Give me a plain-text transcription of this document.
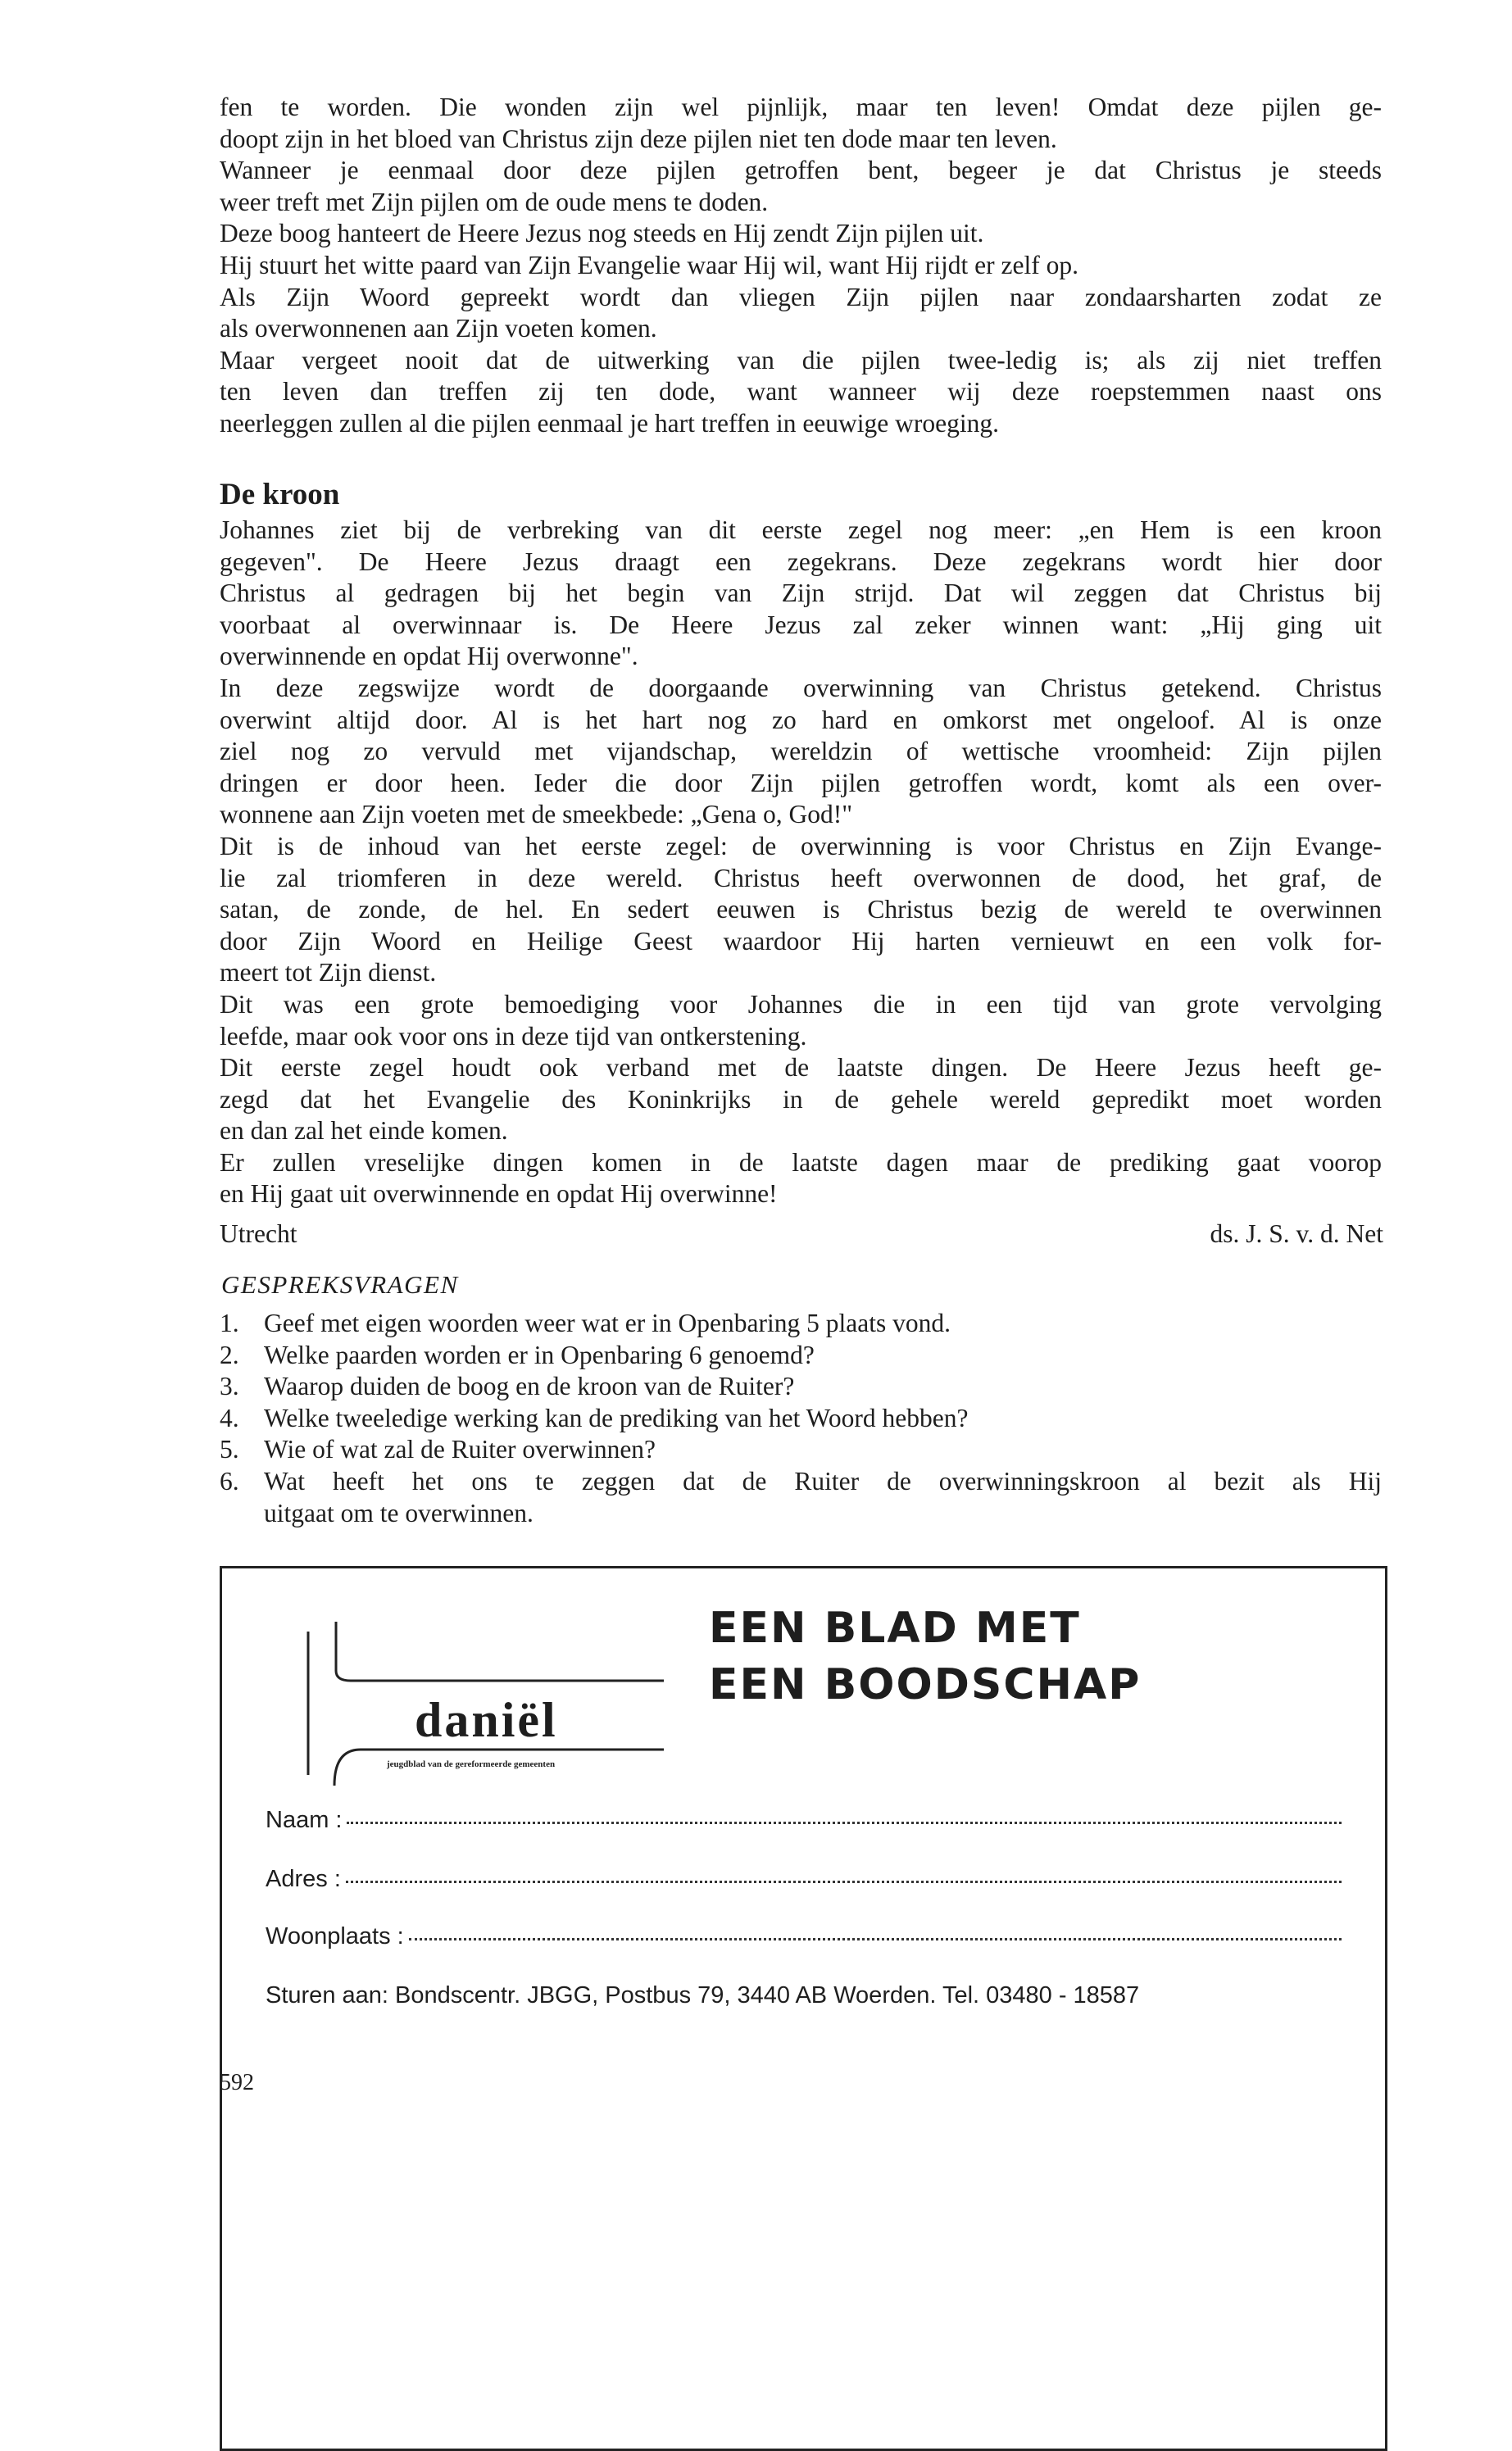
fen te worden. Die wonden zijn wel pijnlijk, maar ten leven! Omdat deze pijlen ge-
doopt zijn in het bloed van Christus zijn deze pijlen niet ten dode maar ten leven.
Wanneer je eenmaal door deze pijlen getroffen bent, begeer je dat Christus je steeds
weer treft met Zijn pijlen om de oude mens te doden.
Deze boog hanteert de Heere Jezus nog steeds en Hij zendt Zijn pijlen uit.
Hij stuurt het witte paard van Zijn Evangelie waar Hij wil, want Hij rijdt er zelf op.
Als Zijn Woord gepreekt wordt dan vliegen Zijn pijlen naar zondaarsharten zodat ze
als overwonnenen aan Zijn voeten komen.
Maar vergeet nooit dat de uitwerking van die pijlen twee-ledig is; als zij niet treffen
ten leven dan treffen zij ten dode, want wanneer wij deze roepstemmen naast ons
neerleggen zullen al die pijlen eenmaal je hart treffen in eeuwige wroeging.
De kroon
Johannes ziet bij de verbreking van dit eerste zegel nog meer: „en Hem is een kroon
gegeven". De Heere Jezus draagt een zegekrans. Deze zegekrans wordt hier door
Christus al gedragen bij het begin van Zijn strijd. Dat wil zeggen dat Christus bij
voorbaat al overwinnaar is. De Heere Jezus zal zeker winnen want: „Hij ging uit
overwinnende en opdat Hij overwonne".
In deze zegswijze wordt de doorgaande overwinning van Christus getekend. Christus
overwint altijd door. Al is het hart nog zo hard en omkorst met ongeloof. Al is onze
ziel nog zo vervuld met vijandschap, wereldzin of wettische vroomheid: Zijn pijlen
dringen er door heen. Ieder die door Zijn pijlen getroffen wordt, komt als een over-
wonnene aan Zijn voeten met de smeekbede: „Gena o, God!"
Dit is de inhoud van het eerste zegel: de overwinning is voor Christus en Zijn Evange-
lie zal triomferen in deze wereld. Christus heeft overwonnen de dood, het graf, de
satan, de zonde, de hel. En sedert eeuwen is Christus bezig de wereld te overwinnen
door Zijn Woord en Heilige Geest waardoor Hij harten vernieuwt en een volk for-
meert tot Zijn dienst.
Dit was een grote bemoediging voor Johannes die in een tijd van grote vervolging
leefde, maar ook voor ons in deze tijd van ontkerstening.
Dit eerste zegel houdt ook verband met de laatste dingen. De Heere Jezus heeft ge-
zegd dat het Evangelie des Koninkrijks in de gehele wereld gepredikt moet worden
en dan zal het einde komen.
Er zullen vreselijke dingen komen in de laatste dagen maar de prediking gaat voorop
en Hij gaat uit overwinnende en opdat Hij overwinne!
Utrecht	ds. J. S. v. d. Net
GESPREKSVRAGEN
1. Geef met eigen woorden weer wat er in Openbaring 5 plaats vond.
2. Welke paarden worden er in Openbaring 6 genoemd?
3. Waarop duiden de boog en de kroon van de Ruiter?
4. Welke tweeledige werking kan de prediking van het Woord hebben?
5. Wie of wat zal de Ruiter overwinnen?
6. Wat heeft het ons te zeggen dat de Ruiter de overwinningskroon al bezit als Hij
uitgaat om te overwinnen.
daniël
jeugdblad van de gereformeerde gemeenten
EEN BLAD MET
EEN BOODSCHAP
Naam :
Adres :
Woonplaats :
Sturen aan: Bondscentr. JBGG, Postbus 79, 3440 AB Woerden. Tel. 03480 - 18587
592
